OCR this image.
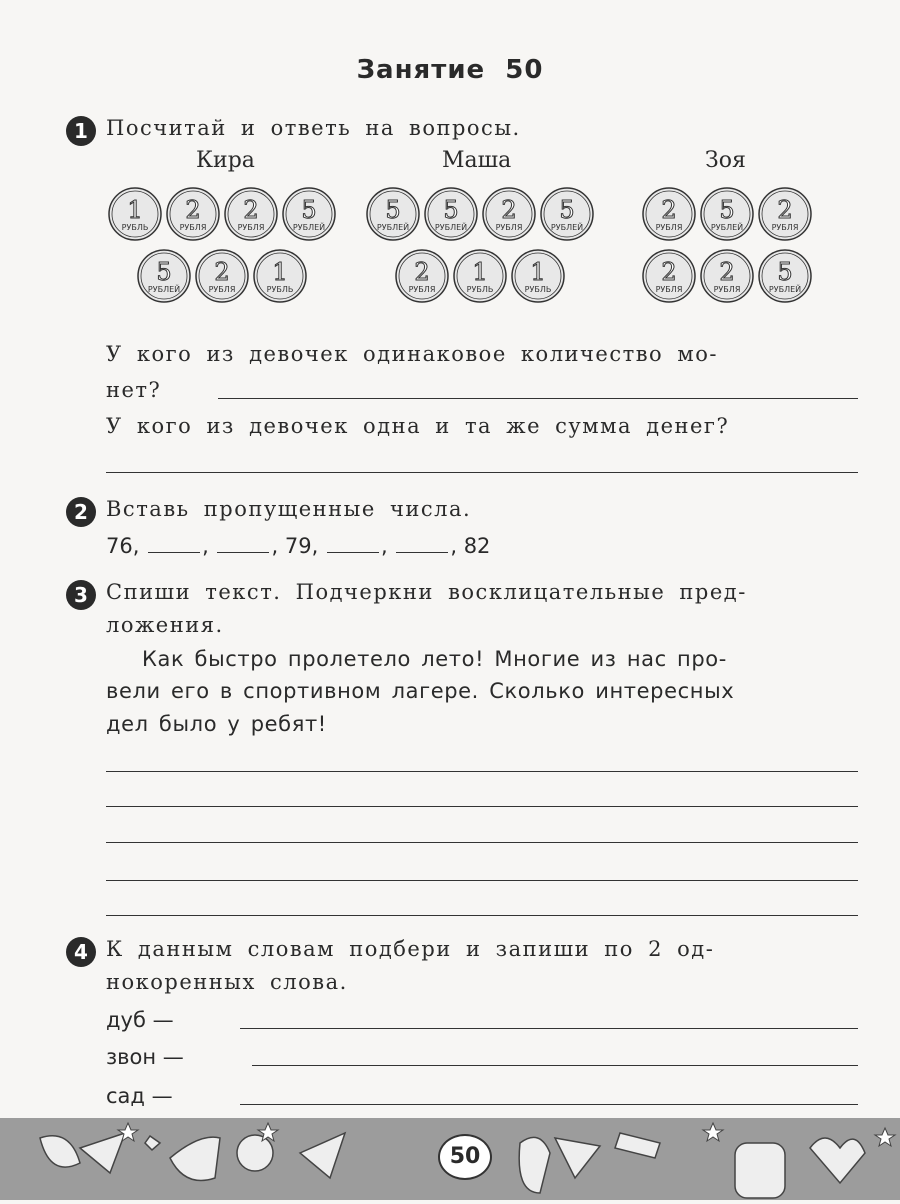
Занятие 50
1 Посчитай и ответь на вопросы.
Кира	Маша	Зоя
1
РУБЛЬ
2
РУБЛЯ
2
РУБЛЯ
5
РУБЛЕЙ
5
РУБЛЕЙ
2
РУБЛЯ
1
РУБЛЬ
5
РУБЛЕЙ
5
РУБЛЕЙ
2
РУБЛЯ
5
РУБЛЕЙ
2
РУБЛЯ
1
РУБЛЬ
1
РУБЛЬ
2
РУБЛЯ
5
РУБЛЕЙ
2
РУБЛЯ
2
РУБЛЯ
2
РУБЛЯ
5
РУБЛЕЙ
У кого из девочек одинаковое количество мо-
нет?
У кого из девочек одна и та же сумма денег?
2 Вставь пропущенные числа.
76,	,	, 79,	,	, 82
3 Спиши текст. Подчеркни восклицательные пред-
ложения.
Как быстро пролетело лето! Многие из нас про-
вели его в спортивном лагере. Сколько интересных
дел было у ребят!
4 К данным словам подбери и запиши по 2 од-
нокоренных слова.
дуб —
звон —
сад —
50
